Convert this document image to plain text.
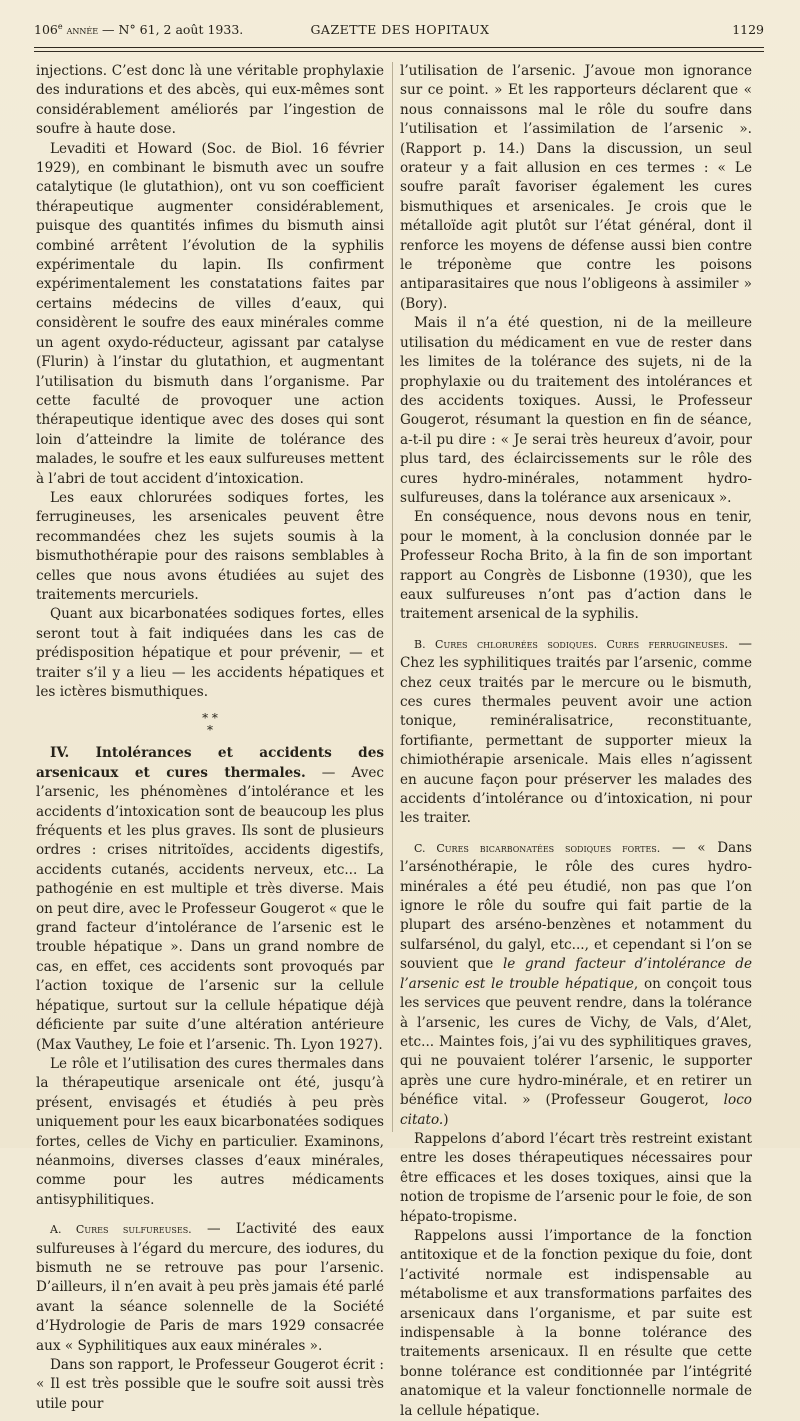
106e année — N° 61, 2 août 1933.	GAZETTE DES HOPITAUX	1129

injections. C’est donc là une véritable prophylaxie des indurations et des abcès, qui eux-mêmes sont considérablement améliorés par l’ingestion de soufre à haute dose.

Levaditi et Howard (Soc. de Biol. 16 février 1929), en combinant le bismuth avec un soufre catalytique (le glutathion), ont vu son coefficient thérapeutique augmenter considérablement, puisque des quantités infimes du bismuth ainsi combiné arrêtent l’évolution de la syphilis expérimentale du lapin. Ils confirment expérimentalement les constatations faites par certains médecins de villes d’eaux, qui considèrent le soufre des eaux minérales comme un agent oxydo-réducteur, agissant par catalyse (Flurin) à l’instar du glutathion, et augmentant l’utilisation du bismuth dans l’organisme. Par cette faculté de provoquer une action thérapeutique identique avec des doses qui sont loin d’atteindre la limite de tolérance des malades, le soufre et les eaux sulfureuses mettent à l’abri de tout accident d’intoxication.

Les eaux chlorurées sodiques fortes, les ferrugineuses, les arsenicales peuvent être recommandées chez les sujets soumis à la bismuthothérapie pour des raisons semblables à celles que nous avons étudiées au sujet des traitements mercuriels.

Quant aux bicarbonatées sodiques fortes, elles seront tout à fait indiquées dans les cas de prédisposition hépatique et pour prévenir, — et traiter s’il y a lieu — les accidents hépatiques et les ictères bismuthiques.

* *
*

IV. Intolérances et accidents des arsenicaux et cures thermales. — Avec l’arsenic, les phénomènes d’intolérance et les accidents d’intoxication sont de beaucoup les plus fréquents et les plus graves. Ils sont de plusieurs ordres : crises nitritoïdes, accidents digestifs, accidents cutanés, accidents nerveux, etc... La pathogénie en est multiple et très diverse. Mais on peut dire, avec le Professeur Gougerot « que le grand facteur d’intolérance de l’arsenic est le trouble hépatique ». Dans un grand nombre de cas, en effet, ces accidents sont provoqués par l’action toxique de l’arsenic sur la cellule hépatique, surtout sur la cellule hépatique déjà déficiente par suite d’une altération antérieure (Max Vauthey, Le foie et l’arsenic. Th. Lyon 1927).

Le rôle et l’utilisation des cures thermales dans la thérapeutique arsenicale ont été, jusqu’à présent, envisagés et étudiés à peu près uniquement pour les eaux bicarbonatées sodiques fortes, celles de Vichy en particulier. Examinons, néanmoins, diverses classes d’eaux minérales, comme pour les autres médicaments antisyphilitiques.

A. Cures sulfureuses. — L’activité des eaux sulfureuses à l’égard du mercure, des iodures, du bismuth ne se retrouve pas pour l’arsenic. D’ailleurs, il n’en avait à peu près jamais été parlé avant la séance solennelle de la Société d’Hydrologie de Paris de mars 1929 consacrée aux « Syphilitiques aux eaux minérales ».

Dans son rapport, le Professeur Gougerot écrit : « Il est très possible que le soufre soit aussi très utile pour

l’utilisation de l’arsenic. J’avoue mon ignorance sur ce point. » Et les rapporteurs déclarent que « nous connaissons mal le rôle du soufre dans l’utilisation et l’assimilation de l’arsenic ». (Rapport p. 14.) Dans la discussion, un seul orateur y a fait allusion en ces termes : « Le soufre paraît favoriser également les cures bismuthiques et arsenicales. Je crois que le métalloïde agit plutôt sur l’état général, dont il renforce les moyens de défense aussi bien contre le tréponème que contre les poisons antiparasitaires que nous l’obligeons à assimiler » (Bory).

Mais il n’a été question, ni de la meilleure utilisation du médicament en vue de rester dans les limites de la tolérance des sujets, ni de la prophylaxie ou du traitement des intolérances et des accidents toxiques. Aussi, le Professeur Gougerot, résumant la question en fin de séance, a-t-il pu dire : « Je serai très heureux d’avoir, pour plus tard, des éclaircissements sur le rôle des cures hydro-minérales, notamment hydro-sulfureuses, dans la tolérance aux arsenicaux ».

En conséquence, nous devons nous en tenir, pour le moment, à la conclusion donnée par le Professeur Rocha Brito, à la fin de son important rapport au Congrès de Lisbonne (1930), que les eaux sulfureuses n’ont pas d’action dans le traitement arsenical de la syphilis.

B. Cures chlorurées sodiques. Cures ferrugineuses. — Chez les syphilitiques traités par l’arsenic, comme chez ceux traités par le mercure ou le bismuth, ces cures thermales peuvent avoir une action tonique, reminéralisatrice, reconstituante, fortifiante, permettant de supporter mieux la chimiothérapie arsenicale. Mais elles n’agissent en aucune façon pour préserver les malades des accidents d’intolérance ou d’intoxication, ni pour les traiter.

C. Cures bicarbonatées sodiques fortes. — « Dans l’arsénothérapie, le rôle des cures hydro-minérales a été peu étudié, non pas que l’on ignore le rôle du soufre qui fait partie de la plupart des arséno-benzènes et notamment du sulfarsénol, du galyl, etc..., et cependant si l’on se souvient que le grand facteur d’intolérance de l’arsenic est le trouble hépatique, on conçoit tous les services que peuvent rendre, dans la tolérance à l’arsenic, les cures de Vichy, de Vals, d’Alet, etc... Maintes fois, j’ai vu des syphilitiques graves, qui ne pouvaient tolérer l’arsenic, le supporter après une cure hydro-minérale, et en retirer un bénéfice vital. » (Professeur Gougerot, loco citato.)

Rappelons d’abord l’écart très restreint existant entre les doses thérapeutiques nécessaires pour être efficaces et les doses toxiques, ainsi que la notion de tropisme de l’arsenic pour le foie, de son hépato-tropisme.

Rappelons aussi l’importance de la fonction antitoxique et de la fonction pexique du foie, dont l’activité normale est indispensable au métabolisme et aux transformations parfaites des arsenicaux dans l’organisme, et par suite est indispensable à la bonne tolérance des traitements arsenicaux. Il en résulte que cette bonne tolérance est conditionnée par l’intégrité anatomique et la valeur fonctionnelle normale de la cellule hépatique.
